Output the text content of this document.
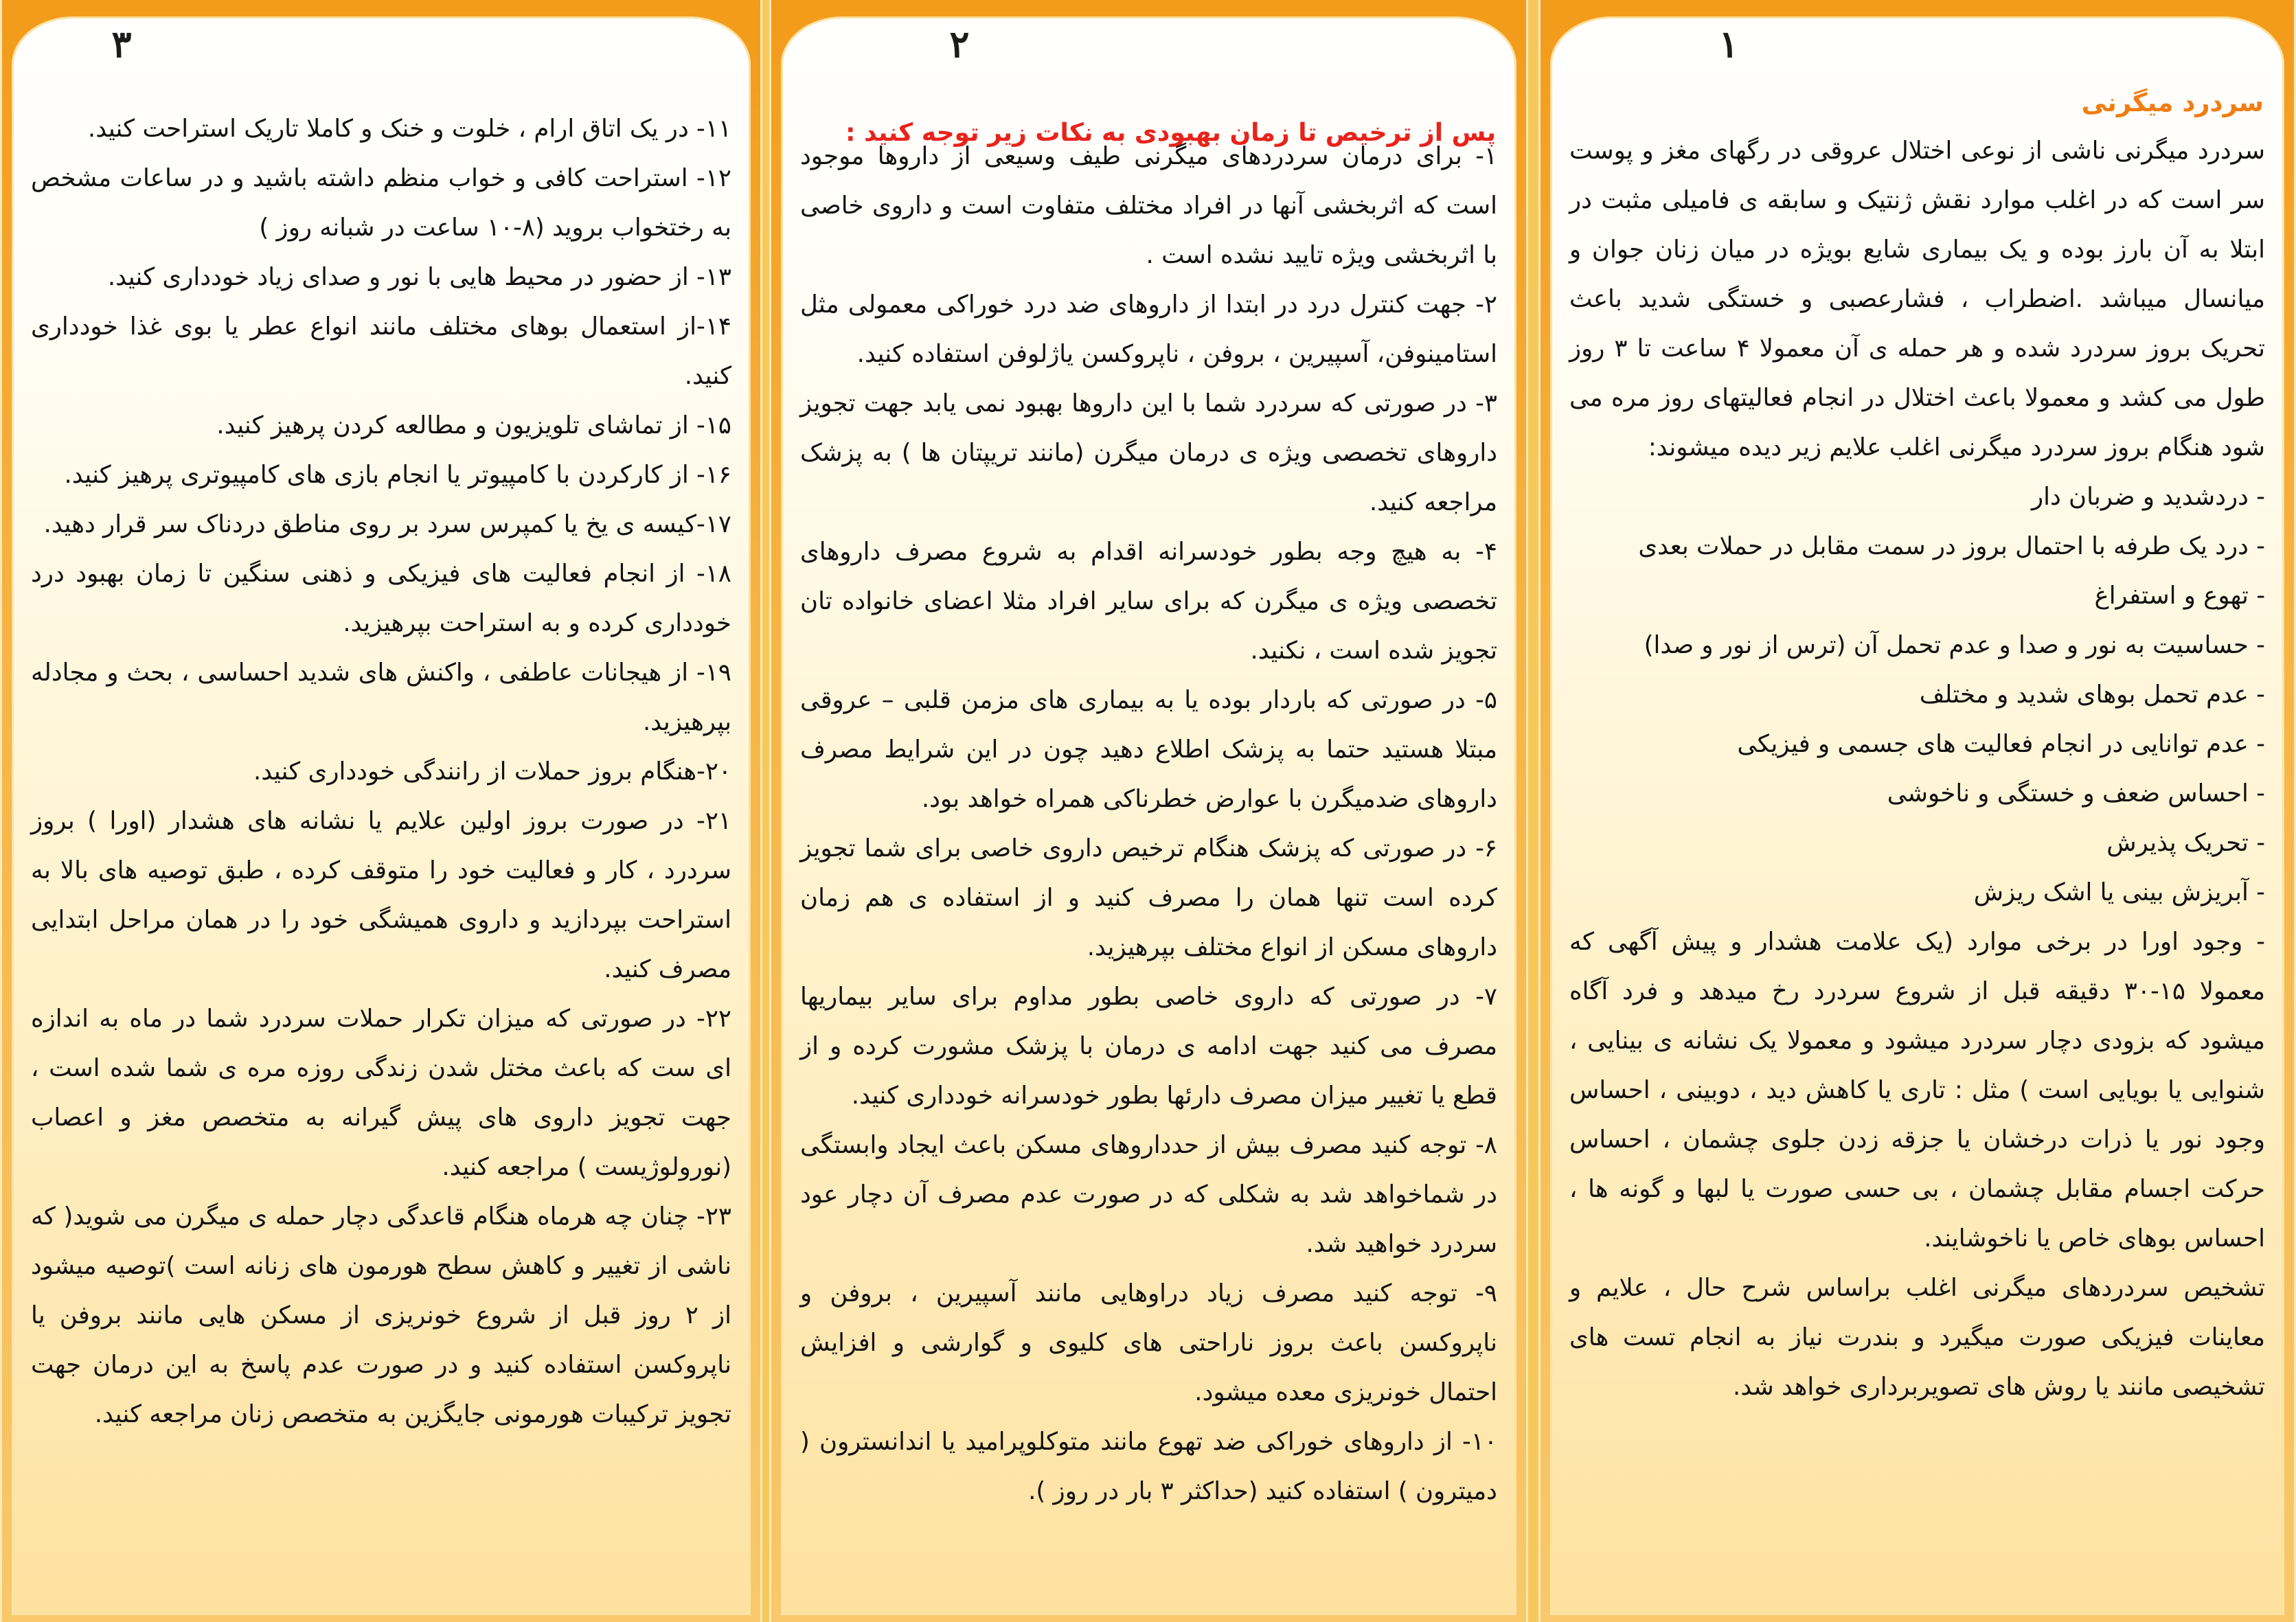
۳

۱۱- در یک اتاق ارام ، خلوت و خنک و کاملا تاریک استراحت کنید.

۱۲- استراحت کافی و خواب منظم داشته باشید و در ساعات مشخص به رختخواب بروید (۸-۱۰ ساعت در شبانه روز )

۱۳- از حضور در محیط هایی با نور و صدای زیاد خودداری کنید.

۱۴-از استعمال بوهای مختلف مانند انواع عطر یا بوی غذا خودداری کنید.

۱۵- از تماشای تلویزیون و مطالعه کردن پرهیز کنید.

۱۶- از کارکردن با کامپیوتر یا انجام بازی های کامپیوتری پرهیز کنید.

۱۷-کیسه ی یخ یا کمپرس سرد بر روی مناطق دردناک سر قرار دهید.

۱۸- از انجام فعالیت های فیزیکی و ذهنی سنگین تا زمان بهبود درد خودداری کرده و به استراحت بپرهیزید.

۱۹- از هیجانات عاطفی ، واکنش های شدید احساسی ، بحث و مجادله بپرهیزید.

۲۰-هنگام بروز حملات از رانندگی خودداری کنید.

۲۱- در صورت بروز اولین علایم یا نشانه های هشدار (اورا ) بروز سردرد ، کار و فعالیت خود را متوقف کرده ، طبق توصیه های بالا به استراحت بپردازید و داروی همیشگی خود را در همان مراحل ابتدایی مصرف کنید.

۲۲- در صورتی که میزان تکرار حملات سردرد شما در ماه به اندازه ای ست که باعث مختل شدن زندگی روزه مره ی شما شده است ، جهت تجویز داروی های پیش گیرانه به متخصص مغز و اعصاب (نورولوژیست ) مراجعه کنید.

۲۳- چنان چه هرماه هنگام قاعدگی دچار حمله ی میگرن می شوید( که ناشی از تغییر و کاهش سطح هورمون های زنانه است )توصیه میشود از ۲ روز قبل از شروع خونریزی از مسکن هایی مانند بروفن یا ناپروکسن استفاده کنید و در صورت عدم پاسخ به این درمان جهت تجویز ترکیبات هورمونی جایگزین به متخصص زنان مراجعه کنید.

۲
پس از ترخیص تا زمان بهبودی به نکات زیر توجه کنید :

۱- برای درمان سردردهای میگرنی طیف وسیعی از داروها موجود است که اثربخشی آنها در افراد مختلف متفاوت است و داروی خاصی با اثربخشی ویژه تایید نشده است .

۲- جهت کنترل درد در ابتدا از داروهای ضد درد خوراکی معمولی مثل استامینوفن، آسپیرین ، بروفن ، ناپروکسن یاژلوفن استفاده کنید.

۳- در صورتی که سردرد شما با این داروها بهبود نمی یابد جهت تجویز داروهای تخصصی ویژه ی درمان میگرن (مانند تریپتان ها ) به پزشک مراجعه کنید.

۴- به هیچ وجه بطور خودسرانه اقدام به شروع مصرف داروهای تخصصی ویژه ی میگرن که برای سایر افراد مثلا اعضای خانواده تان تجویز شده است ، نکنید.

۵- در صورتی که باردار بوده یا به بیماری های مزمن قلبی – عروقی مبتلا هستید حتما به پزشک اطلاع دهید چون در این شرایط مصرف داروهای ضدمیگرن با عوارض خطرناکی همراه خواهد بود.

۶- در صورتی که پزشک هنگام ترخیص داروی خاصی برای شما تجویز کرده است تنها همان را مصرف کنید و از استفاده ی هم زمان داروهای مسکن از انواع مختلف بپرهیزید.

۷- در صورتی که داروی خاصی بطور مداوم برای سایر بیماریها مصرف می کنید جهت ادامه ی درمان با پزشک مشورت کرده و از قطع یا تغییر میزان مصرف دارئها بطور خودسرانه خودداری کنید.

۸- توجه کنید مصرف بیش از حدداروهای مسکن باعث ایجاد وابستگی در شماخواهد شد به شکلی که در صورت عدم مصرف آن دچار عود سردرد خواهید شد.

۹- توجه کنید مصرف زیاد دراوهایی مانند آسپیرین ، بروفن و ناپروکسن باعث بروز ناراحتی های کلیوی و گوارشی و افزایش احتمال خونریزی معده میشود.

۱۰- از داروهای خوراکی ضد تهوع مانند متوکلوپرامید یا اندانسترون ( دمیترون ) استفاده کنید (حداکثر ۳ بار در روز ).

۱
سردرد میگرنی

سردرد میگرنی ناشی از نوعی اختلال عروقی در رگهای مغز و پوست سر است که در اغلب موارد نقش ژنتیک و سابقه ی فامیلی مثبت در ابتلا به آن بارز بوده و یک بیماری شایع بویژه در میان زنان جوان و میانسال میباشد .اضطراب ، فشارعصبی و خستگی شدید باعث تحریک بروز سردرد شده و هر حمله ی آن معمولا ۴ ساعت تا ۳ روز طول می کشد و معمولا باعث اختلال در انجام فعالیتهای روز مره می شود هنگام بروز سردرد میگرنی اغلب علایم زیر دیده میشوند:

- دردشدید و ضربان دار

- درد یک طرفه با احتمال بروز در سمت مقابل در حملات بعدی

- تهوع و استفراغ

- حساسیت به نور و صدا و عدم تحمل آن (ترس از نور و صدا)

- عدم تحمل بوهای شدید و مختلف

- عدم توانایی در انجام فعالیت های جسمی و فیزیکی

- احساس ضعف و خستگی و ناخوشی

- تحریک پذیرش

- آبریزش بینی یا اشک ریزش

- وجود اورا در برخی موارد (یک علامت هشدار و پیش آگهی که معمولا ۱۵-۳۰ دقیقه قبل از شروع سردرد رخ میدهد و فرد آگاه میشود که بزودی دچار سردرد میشود و معمولا یک نشانه ی بینایی ، شنوایی یا بویایی است ) مثل : تاری یا کاهش دید ، دوبینی ، احساس وجود نور یا ذرات درخشان یا جزقه زدن جلوی چشمان ، احساس حرکت اجسام مقابل چشمان ، بی حسی صورت یا لبها و گونه ها ، احساس بوهای خاص یا ناخوشایند.

تشخیص سردردهای میگرنی اغلب براساس شرح حال ، علایم و معاینات فیزیکی صورت میگیرد و بندرت نیاز به انجام تست های تشخیصی مانند یا روش های تصویربرداری خواهد شد.
